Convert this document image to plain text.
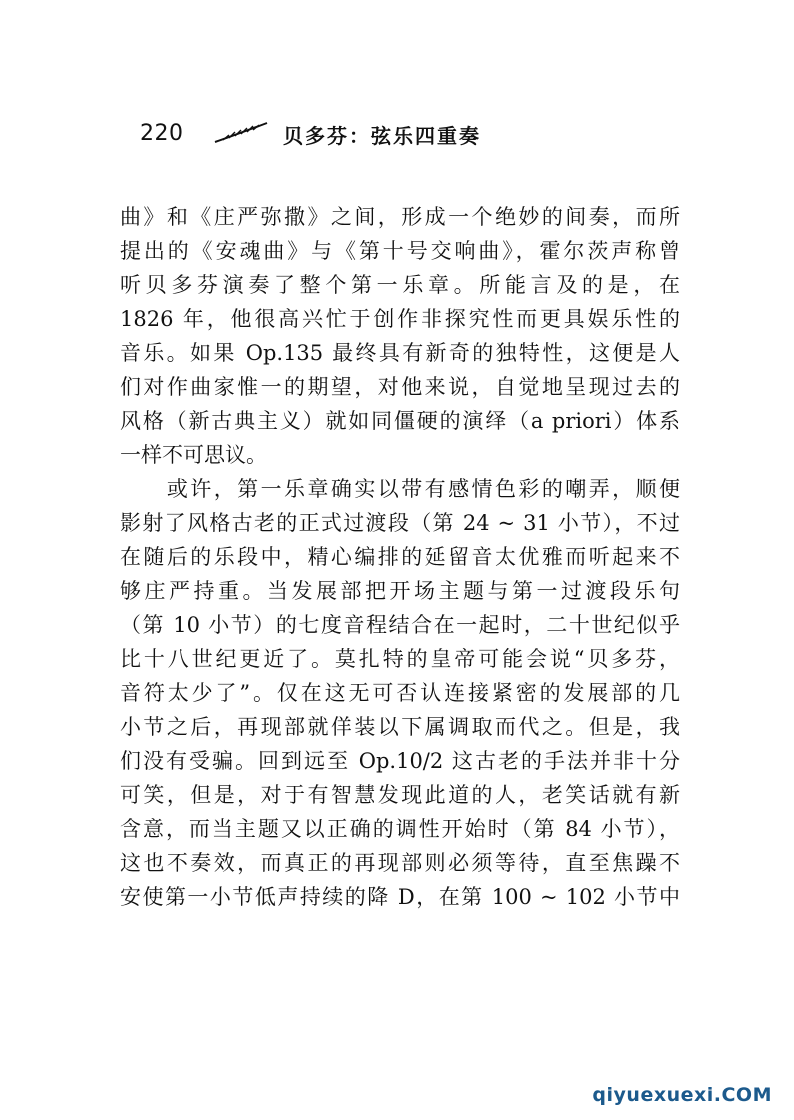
220	贝多芬：弦乐四重奏
曲》和《庄严弥撒》之间，形成一个绝妙的间奏，而所
提出的《安魂曲》与《第十号交响曲》，霍尔茨声称曾
听贝多芬演奏了整个第一乐章。所能言及的是，在
1826 年，他很高兴忙于创作非探究性而更具娱乐性的
音乐。如果 Op.135 最终具有新奇的独特性，这便是人
们对作曲家惟一的期望，对他来说，自觉地呈现过去的
风格（新古典主义）就如同僵硬的演绎（a priori）体系
一样不可思议。
　　或许，第一乐章确实以带有感情色彩的嘲弄，顺便
影射了风格古老的正式过渡段（第 24 ~ 31 小节），不过
在随后的乐段中，精心编排的延留音太优雅而听起来不
够庄严持重。当发展部把开场主题与第一过渡段乐句
（第 10 小节）的七度音程结合在一起时，二十世纪似乎
比十八世纪更近了。莫扎特的皇帝可能会说“贝多芬，
音符太少了”。仅在这无可否认连接紧密的发展部的几
小节之后，再现部就佯装以下属调取而代之。但是，我
们没有受骗。回到远至 Op.10/2 这古老的手法并非十分
可笑，但是，对于有智慧发现此道的人，老笑话就有新
含意，而当主题又以正确的调性开始时（第 84 小节），
这也不奏效，而真正的再现部则必须等待，直至焦躁不
安使第一小节低声持续的降 D，在第 100 ~ 102 小节中
qiyuexuexi.COM
